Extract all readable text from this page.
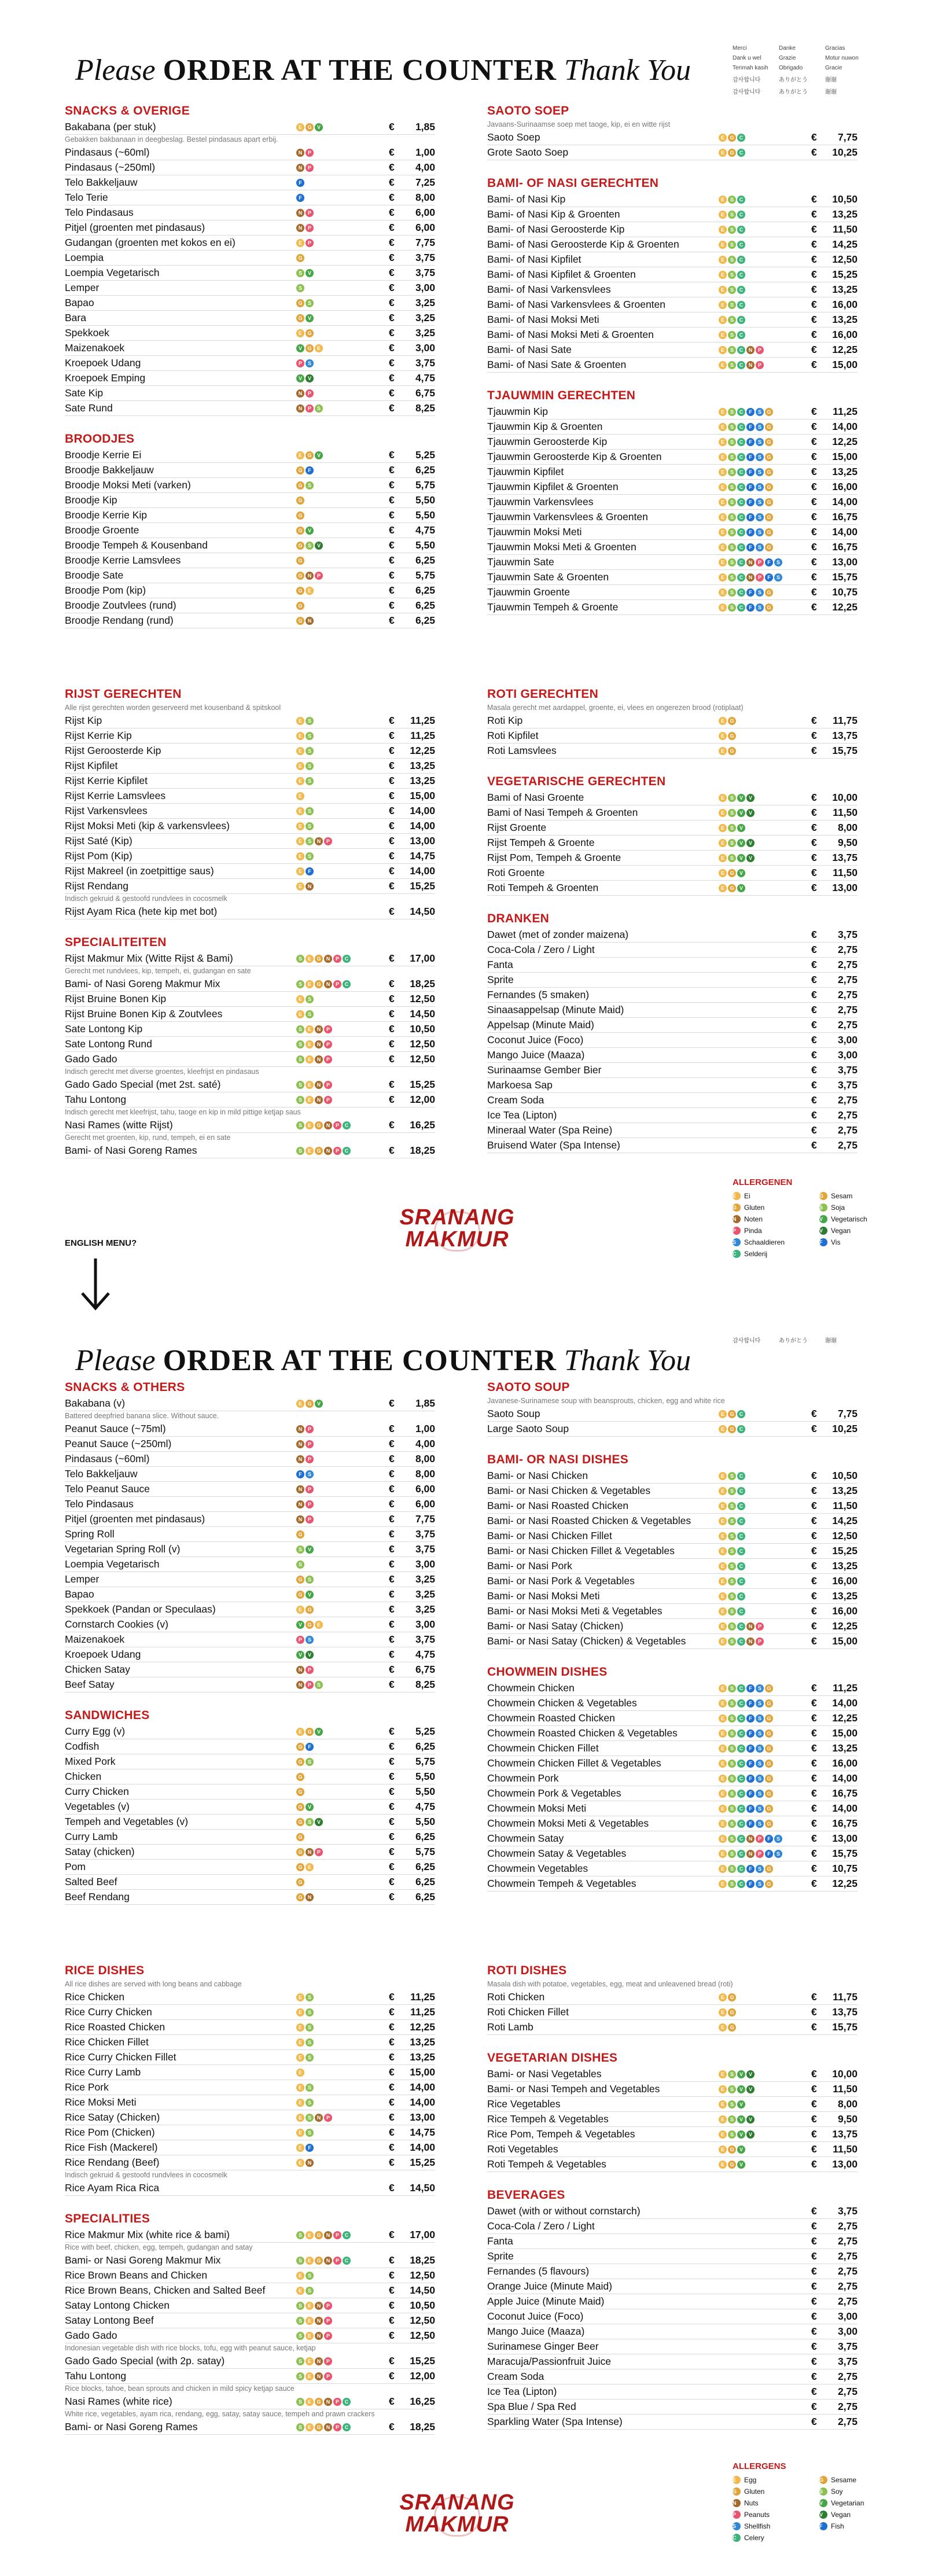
Please ORDER AT THE COUNTER Thank You
Merci	Danke	Gracias
Dank u wel	Grazie	Motur nuwon
Terimah kasih	Obrigado	Gracie
감사합니다	ありがとう	谢谢
감사합니다	ありがとう	谢谢
SNACKS & OVERIGE
Bakabana (per stuk)	E	G	V	€	1,85
Gebakken bakbanaan in deegbeslag. Bestel pindasaus apart erbij.
Pindasaus (~60ml)	N	P	€	1,00
Pindasaus (~250ml)	N	P	€	4,00
Telo Bakkeljauw	F	€	7,25
Telo Terie	F	€	8,00
Telo Pindasaus	N	P	€	6,00
Pitjel (groenten met pindasaus)	N	P	€	6,00
Gudangan (groenten met kokos en ei)	E	P	€	7,75
Loempia	G	€	3,75
Loempia Vegetarisch	S	V	€	3,75
Lemper	S	€	3,00
Bapao	G	S	€	3,25
Bara	G	V	€	3,25
Spekkoek	E	G	€	3,25
Maizenakoek	V	G	E	€	3,00
Kroepoek Udang	P	S	€	3,75
Kroepoek Emping	V	V	€	4,75
Sate Kip	N	P	€	6,75
Sate Rund	N	P	S	€	8,25
BROODJES
Broodje Kerrie Ei	E	G	V	€	5,25
Broodje Bakkeljauw	G	F	€	6,25
Broodje Moksi Meti (varken)	G	S	€	5,75
Broodje Kip	G	€	5,50
Broodje Kerrie Kip	G	€	5,50
Broodje Groente	G	V	€	4,75
Broodje Tempeh & Kousenband	G	S	V	€	5,50
Broodje Kerrie Lamsvlees	G	€	6,25
Broodje Sate	G	N	P	€	5,75
Broodje Pom (kip)	G	E	€	6,25
Broodje Zoutvlees (rund)	G	€	6,25
Broodje Rendang (rund)	G	N	€	6,25
SAOTO SOEP
Javaans-Surinaamse soep met taoge, kip, ei en witte rijst
Saoto Soep	E	G	C	€	7,75
Grote Saoto Soep	E	G	C	€	10,25
BAMI- OF NASI GERECHTEN
Bami- of Nasi Kip	E	S	C	€	10,50
Bami- of Nasi Kip & Groenten	E	S	C	€	13,25
Bami- of Nasi Geroosterde Kip	E	S	C	€	11,50
Bami- of Nasi Geroosterde Kip & Groenten	E	S	C	€	14,25
Bami- of Nasi Kipfilet	E	S	C	€	12,50
Bami- of Nasi Kipfilet & Groenten	E	S	C	€	15,25
Bami- of Nasi Varkensvlees	E	S	C	€	13,25
Bami- of Nasi Varkensvlees & Groenten	E	S	C	€	16,00
Bami- of Nasi Moksi Meti	E	S	C	€	13,25
Bami- of Nasi Moksi Meti & Groenten	E	S	C	€	16,00
Bami- of Nasi Sate	E	S	C	N	P	€	12,25
Bami- of Nasi Sate & Groenten	E	S	C	N	P	€	15,00
TJAUWMIN GERECHTEN
Tjauwmin Kip	E	S	C	F	S	G	€	11,25
Tjauwmin Kip & Groenten	E	S	C	F	S	G	€	14,00
Tjauwmin Geroosterde Kip	E	S	C	F	S	G	€	12,25
Tjauwmin Geroosterde Kip & Groenten	E	S	C	F	S	G	€	15,00
Tjauwmin Kipfilet	E	S	C	F	S	G	€	13,25
Tjauwmin Kipfilet & Groenten	E	S	C	F	S	G	€	16,00
Tjauwmin Varkensvlees	E	S	C	F	S	G	€	14,00
Tjauwmin Varkensvlees & Groenten	E	S	C	F	S	G	€	16,75
Tjauwmin Moksi Meti	E	S	C	F	S	G	€	14,00
Tjauwmin Moksi Meti & Groenten	E	S	C	F	S	G	€	16,75
Tjauwmin Sate	E	S	C	N	P	F	S	€	13,00
Tjauwmin Sate & Groenten	E	S	C	N	P	F	S	€	15,75
Tjauwmin Groente	E	S	C	F	S	G	€	10,75
Tjauwmin Tempeh & Groente	E	S	C	F	S	G	€	12,25
RIJST GERECHTEN
Alle rijst gerechten worden geserveerd met kousenband & spitskool
Rijst Kip	E	S	€	11,25
Rijst Kerrie Kip	E	S	€	11,25
Rijst Geroosterde Kip	E	S	€	12,25
Rijst Kipfilet	E	S	€	13,25
Rijst Kerrie Kipfilet	E	S	€	13,25
Rijst Kerrie Lamsvlees	E	€	15,00
Rijst Varkensvlees	E	S	€	14,00
Rijst Moksi Meti (kip & varkensvlees)	E	S	€	14,00
Rijst Saté (Kip)	E	S	N	P	€	13,00
Rijst Pom (Kip)	E	S	€	14,75
Rijst Makreel (in zoetpittige saus)	E	F	€	14,00
Rijst Rendang	E	N	€	15,25
Indisch gekruid & gestoofd rundvlees in cocosmelk
Rijst Ayam Rica (hete kip met bot)	€	14,50
SPECIALITEITEN
Rijst Makmur Mix (Witte Rijst & Bami)	S	E	G	N	P	C	€	17,00
Gerecht met rundvlees, kip, tempeh, ei, gudangan en sate
Bami- of Nasi Goreng Makmur Mix	S	E	G	N	P	C	€	18,25
Rijst Bruine Bonen Kip	E	S	€	12,50
Rijst Bruine Bonen Kip & Zoutvlees	E	S	€	14,50
Sate Lontong Kip	S	E	N	P	€	10,50
Sate Lontong Rund	S	E	N	P	€	12,50
Gado Gado	S	E	N	P	€	12,50
Indisch gerecht met diverse groentes, kleefrijst en pindasaus
Gado Gado Special (met 2st. saté)	S	E	N	P	€	15,25
Tahu Lontong	S	E	N	P	€	12,00
Indisch gerecht met kleefrijst, tahu, taoge en kip in mild pittige ketjap saus
Nasi Rames (witte Rijst)	S	E	G	N	P	C	€	16,25
Gerecht met groenten, kip, rund, tempeh, ei en sate
Bami- of Nasi Goreng Rames	S	E	G	N	P	C	€	18,25
ROTI GERECHTEN
Masala gerecht met aardappel, groente, ei, vlees en ongerezen brood (rotiplaat)
Roti Kip	E	G	€	11,75
Roti Kipfilet	E	G	€	13,75
Roti Lamsvlees	E	G	€	15,75
VEGETARISCHE GERECHTEN
Bami of Nasi Groente	E	S	V	V	€	10,00
Bami of Nasi Tempeh & Groenten	E	S	V	V	€	11,50
Rijst Groente	E	S	V	€	8,00
Rijst Tempeh & Groente	E	S	V	V	€	9,50
Rijst Pom, Tempeh & Groente	E	S	V	V	€	13,75
Roti Groente	E	G	V	€	11,50
Roti Tempeh & Groenten	E	G	V	€	13,00
DRANKEN
Dawet (met of zonder maizena)	€	3,75
Coca-Cola / Zero / Light	€	2,75
Fanta	€	2,75
Sprite	€	2,75
Fernandes (5 smaken)	€	2,75
Sinaasappelsap (Minute Maid)	€	2,75
Appelsap (Minute Maid)	€	2,75
Coconut Juice (Foco)	€	3,00
Mango Juice (Maaza)	€	3,00
Surinaamse Gember Bier	€	3,75
Markoesa Sap	€	3,75
Cream Soda	€	2,75
Ice Tea (Lipton)	€	2,75
Mineraal Water (Spa Reine)	€	2,75
Bruisend Water (Spa Intense)	€	2,75
ALLERGENEN
E	Ei	G	Sesam
G	Gluten	S	Soja
N	Noten	V	Vegetarisch
P	Pinda	V	Vegan
S	Schaaldieren	F	Vis
C	Selderij
SRANANG
MAKMUR
ENGLISH MENU?
Please ORDER AT THE COUNTER Thank You
감사합니다	ありがとう	谢谢
SNACKS & OTHERS
Bakabana (v)	E	G	V	€	1,85
Battered deepfried banana slice. Without sauce.
Peanut Sauce (~75ml)	N	P	€	1,00
Peanut Sauce (~250ml)	N	P	€	4,00
Pindasaus (~60ml)	N	P	€	8,00
Telo Bakkeljauw	F	S	€	8,00
Telo Peanut Sauce	N	P	€	6,00
Telo Pindasaus	N	P	€	6,00
Pitjel (groenten met pindasaus)	N	P	€	7,75
Spring Roll	G	€	3,75
Vegetarian Spring Roll (v)	S	V	€	3,75
Loempia Vegetarisch	S	€	3,00
Lemper	G	S	€	3,25
Bapao	G	V	€	3,25
Spekkoek (Pandan or Speculaas)	E	G	€	3,25
Cornstarch Cookies (v)	V	G	E	€	3,00
Maizenakoek	P	S	€	3,75
Kroepoek Udang	V	V	€	4,75
Chicken Satay	N	P	€	6,75
Beef Satay	N	P	S	€	8,25
SANDWICHES
Curry Egg (v)	E	G	V	€	5,25
Codfish	G	F	€	6,25
Mixed Pork	G	S	€	5,75
Chicken	G	€	5,50
Curry Chicken	G	€	5,50
Vegetables (v)	G	V	€	4,75
Tempeh and Vegetables (v)	G	S	V	€	5,50
Curry Lamb	G	€	6,25
Satay (chicken)	G	N	P	€	5,75
Pom	G	E	€	6,25
Salted Beef	G	€	6,25
Beef Rendang	G	N	€	6,25
SAOTO SOUP
Javanese-Surinamese soup with beansprouts, chicken, egg and white rice
Saoto Soup	E	G	C	€	7,75
Large Saoto Soup	E	G	C	€	10,25
BAMI- OR NASI DISHES
Bami- or Nasi Chicken	E	S	C	€	10,50
Bami- or Nasi Chicken & Vegetables	E	S	C	€	13,25
Bami- or Nasi Roasted Chicken	E	S	C	€	11,50
Bami- or Nasi Roasted Chicken & Vegetables	E	S	C	€	14,25
Bami- or Nasi Chicken Fillet	E	S	C	€	12,50
Bami- or Nasi Chicken Fillet & Vegetables	E	S	C	€	15,25
Bami- or Nasi Pork	E	S	C	€	13,25
Bami- or Nasi Pork & Vegetables	E	S	C	€	16,00
Bami- or Nasi Moksi Meti	E	S	C	€	13,25
Bami- or Nasi Moksi Meti & Vegetables	E	S	C	€	16,00
Bami- or Nasi Satay (Chicken)	E	S	C	N	P	€	12,25
Bami- or Nasi Satay (Chicken) & Vegetables	E	S	C	N	P	€	15,00
CHOWMEIN DISHES
Chowmein Chicken	E	S	C	F	S	G	€	11,25
Chowmein Chicken & Vegetables	E	S	C	F	S	G	€	14,00
Chowmein Roasted Chicken	E	S	C	F	S	G	€	12,25
Chowmein Roasted Chicken & Vegetables	E	S	C	F	S	G	€	15,00
Chowmein Chicken Fillet	E	S	C	F	S	G	€	13,25
Chowmein Chicken Fillet & Vegetables	E	S	C	F	S	G	€	16,00
Chowmein Pork	E	S	C	F	S	G	€	14,00
Chowmein Pork & Vegetables	E	S	C	F	S	G	€	16,75
Chowmein Moksi Meti	E	S	C	F	S	G	€	14,00
Chowmein Moksi Meti & Vegetables	E	S	C	F	S	G	€	16,75
Chowmein Satay	E	S	C	N	P	F	S	€	13,00
Chowmein Satay & Vegetables	E	S	C	N	P	F	S	€	15,75
Chowmein Vegetables	E	S	C	F	S	G	€	10,75
Chowmein Tempeh & Vegetables	E	S	C	F	S	G	€	12,25
RICE DISHES
All rice dishes are served with long beans and cabbage
Rice Chicken	E	S	€	11,25
Rice Curry Chicken	E	S	€	11,25
Rice Roasted Chicken	E	S	€	12,25
Rice Chicken Fillet	E	S	€	13,25
Rice Curry Chicken Fillet	E	S	€	13,25
Rice Curry Lamb	E	€	15,00
Rice Pork	E	S	€	14,00
Rice Moksi Meti	E	S	€	14,00
Rice Satay (Chicken)	E	S	N	P	€	13,00
Rice Pom (Chicken)	E	S	€	14,75
Rice Fish (Mackerel)	E	F	€	14,00
Rice Rendang (Beef)	E	N	€	15,25
Indisch gekruid & gestoofd rundvlees in cocosmelk
Rice Ayam Rica Rica	€	14,50
SPECIALITIES
Rice Makmur Mix (white rice & bami)	S	E	G	N	P	C	€	17,00
Rice with beef, chicken, egg, tempeh, gudangan and satay
Bami- or Nasi Goreng Makmur Mix	S	E	G	N	P	C	€	18,25
Rice Brown Beans and Chicken	E	S	€	12,50
Rice Brown Beans, Chicken and Salted Beef	E	S	€	14,50
Satay Lontong Chicken	S	E	N	P	€	10,50
Satay Lontong Beef	S	E	N	P	€	12,50
Gado Gado	S	E	N	P	€	12,50
Indonesian vegetable dish with rice blocks, tofu, egg with peanut sauce, ketjap
Gado Gado Special (with 2p. satay)	S	E	N	P	€	15,25
Tahu Lontong	S	E	N	P	€	12,00
Rice blocks, tahoe, bean sprouts and chicken in mild spicy ketjap sauce
Nasi Rames (white rice)	S	E	G	N	P	C	€	16,25
White rice, vegetables, ayam rica, rendang, egg, satay, satay sauce, tempeh and prawn crackers
Bami- or Nasi Goreng Rames	S	E	G	N	P	C	€	18,25
ROTI DISHES
Masala dish with potatoe, vegetables, egg, meat and unleavened bread (roti)
Roti Chicken	E	G	€	11,75
Roti Chicken Fillet	E	G	€	13,75
Roti Lamb	E	G	€	15,75
VEGETARIAN DISHES
Bami- or Nasi Vegetables	E	S	V	V	€	10,00
Bami- or Nasi Tempeh and Vegetables	E	S	V	V	€	11,50
Rice Vegetables	E	S	V	€	8,00
Rice Tempeh & Vegetables	E	S	V	V	€	9,50
Rice Pom, Tempeh & Vegetables	E	S	V	V	€	13,75
Roti Vegetables	E	G	V	€	11,50
Roti Tempeh & Vegetables	E	G	V	€	13,00
BEVERAGES
Dawet (with or without cornstarch)	€	3,75
Coca-Cola / Zero / Light	€	2,75
Fanta	€	2,75
Sprite	€	2,75
Fernandes (5 flavours)	€	2,75
Orange Juice (Minute Maid)	€	2,75
Apple Juice (Minute Maid)	€	2,75
Coconut Juice (Foco)	€	3,00
Mango Juice (Maaza)	€	3,00
Surinamese Ginger Beer	€	3,75
Maracuja/Passionfruit Juice	€	3,75
Cream Soda	€	2,75
Ice Tea (Lipton)	€	2,75
Spa Blue / Spa Red	€	2,75
Sparkling Water (Spa Intense)	€	2,75
ALLERGENS
E	Egg	G	Sesame
G	Gluten	S	Soy
N	Nuts	V	Vegetarian
P	Peanuts	V	Vegan
S	Shellfish	F	Fish
C	Celery
SRANANG
MAKMUR
